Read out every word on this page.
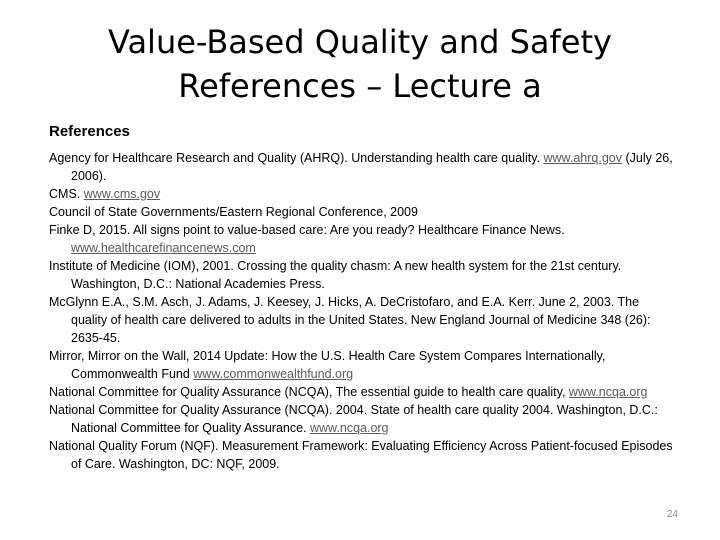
Value-Based Quality and Safety
References – Lecture a
References
Agency for Healthcare Research and Quality (AHRQ). Understanding health care quality. www.ahrq.gov (July 26, 2006).
CMS. www.cms.gov
Council of State Governments/Eastern Regional Conference, 2009
Finke D, 2015. All signs point to value-based care: Are you ready? Healthcare Finance News. www.healthcarefinancenews.com
Institute of Medicine (IOM), 2001. Crossing the quality chasm: A new health system for the 21st century. Washington, D.C.: National Academies Press.
McGlynn E.A., S.M. Asch, J. Adams, J. Keesey, J. Hicks, A. DeCristofaro, and E.A. Kerr. June 2, 2003. The quality of health care delivered to adults in the United States. New England Journal of Medicine 348 (26): 2635-45.
Mirror, Mirror on the Wall, 2014 Update: How the U.S. Health Care System Compares Internationally, Commonwealth Fund www.commonwealthfund.org
National Committee for Quality Assurance (NCQA), The essential guide to health care quality, www.ncqa.org
National Committee for Quality Assurance (NCQA). 2004. State of health care quality 2004. Washington, D.C.: National Committee for Quality Assurance. www.ncqa.org
National Quality Forum (NQF). Measurement Framework: Evaluating Efficiency Across Patient-focused Episodes of Care. Washington, DC: NQF, 2009.
24
